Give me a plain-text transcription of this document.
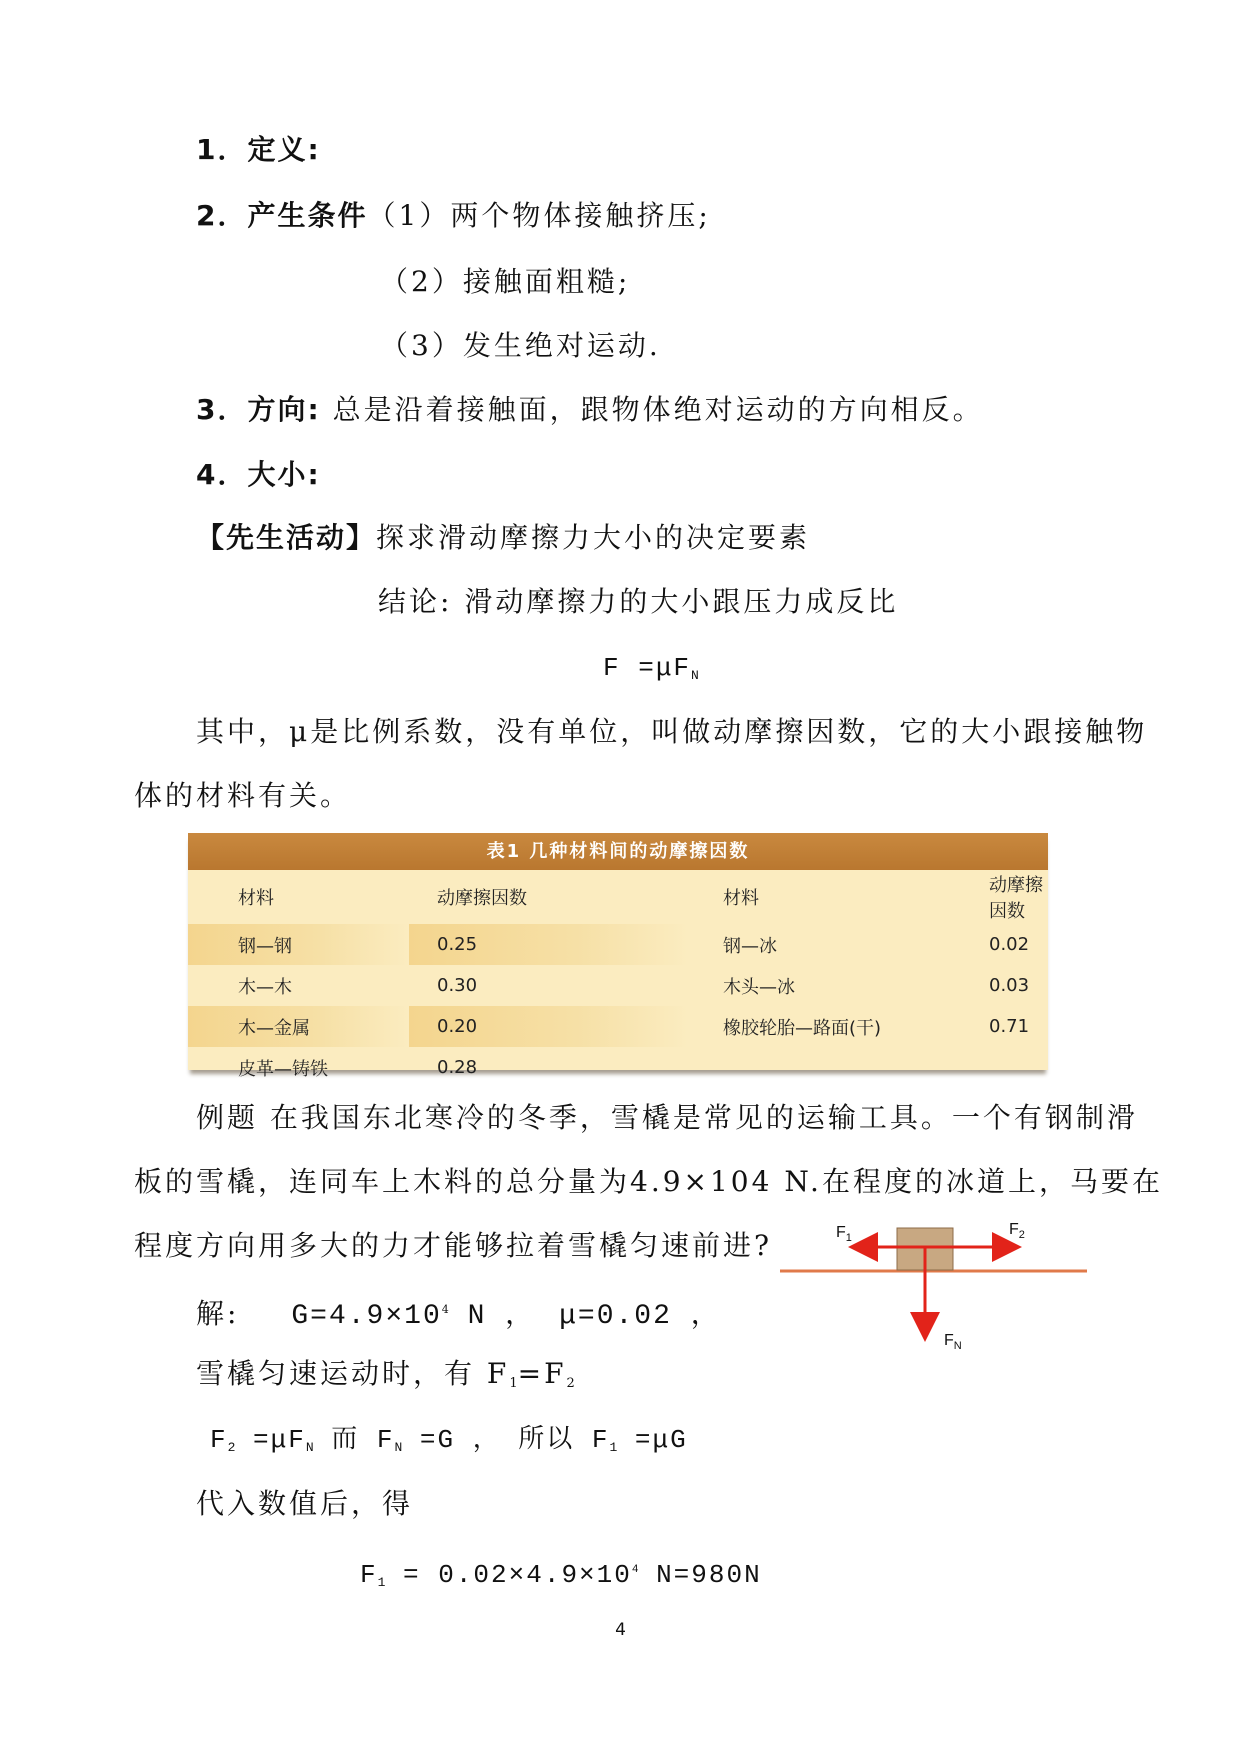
1．定义:
2．产生条件（1）两个物体接触挤压;
（2）接触面粗糙;
（3）发生绝对运动.
3．方向: 总是沿着接触面，跟物体绝对运动的方向相反。
4．大小:
【先生活动】探求滑动摩擦力大小的决定要素
结论: 滑动摩擦力的大小跟压力成反比
$F =\mu F_N$
其中，μ是比例系数，没有单位，叫做动摩擦因数，它的大小跟接触物
体的材料有关。
表1 几种材料间的动摩擦因数
材料	动摩擦因数	材料	动摩擦因数
钢—钢	0.25	钢—冰	0.02
木—木	0.30	木头—冰	0.03
木—金属	0.20	橡胶轮胎—路面(干)	0.71
皮革—铸铁	0.28		
例题 在我国东北寒冷的冬季，雪橇是常见的运输工具。一个有钢制滑
板的雪橇，连同车上木料的总分量为4.9×104 N.在程度的冰道上，马要在
程度方向用多大的力才能够拉着雪橇匀速前进?	$F_1$	$F_2$
$F_N$
解: $G=4.9\times 10^4$ N ， μ=0.02 ，
雪橇匀速运动时，有 $F_1=F_2$
$F_2 =\mu F_N$ 而 $F_N =G$ ， 所以 $F_1 =\mu G$
代入数值后，得
$F_1 = 0.02\times 4.9\times 10^4$ N=980N
4
